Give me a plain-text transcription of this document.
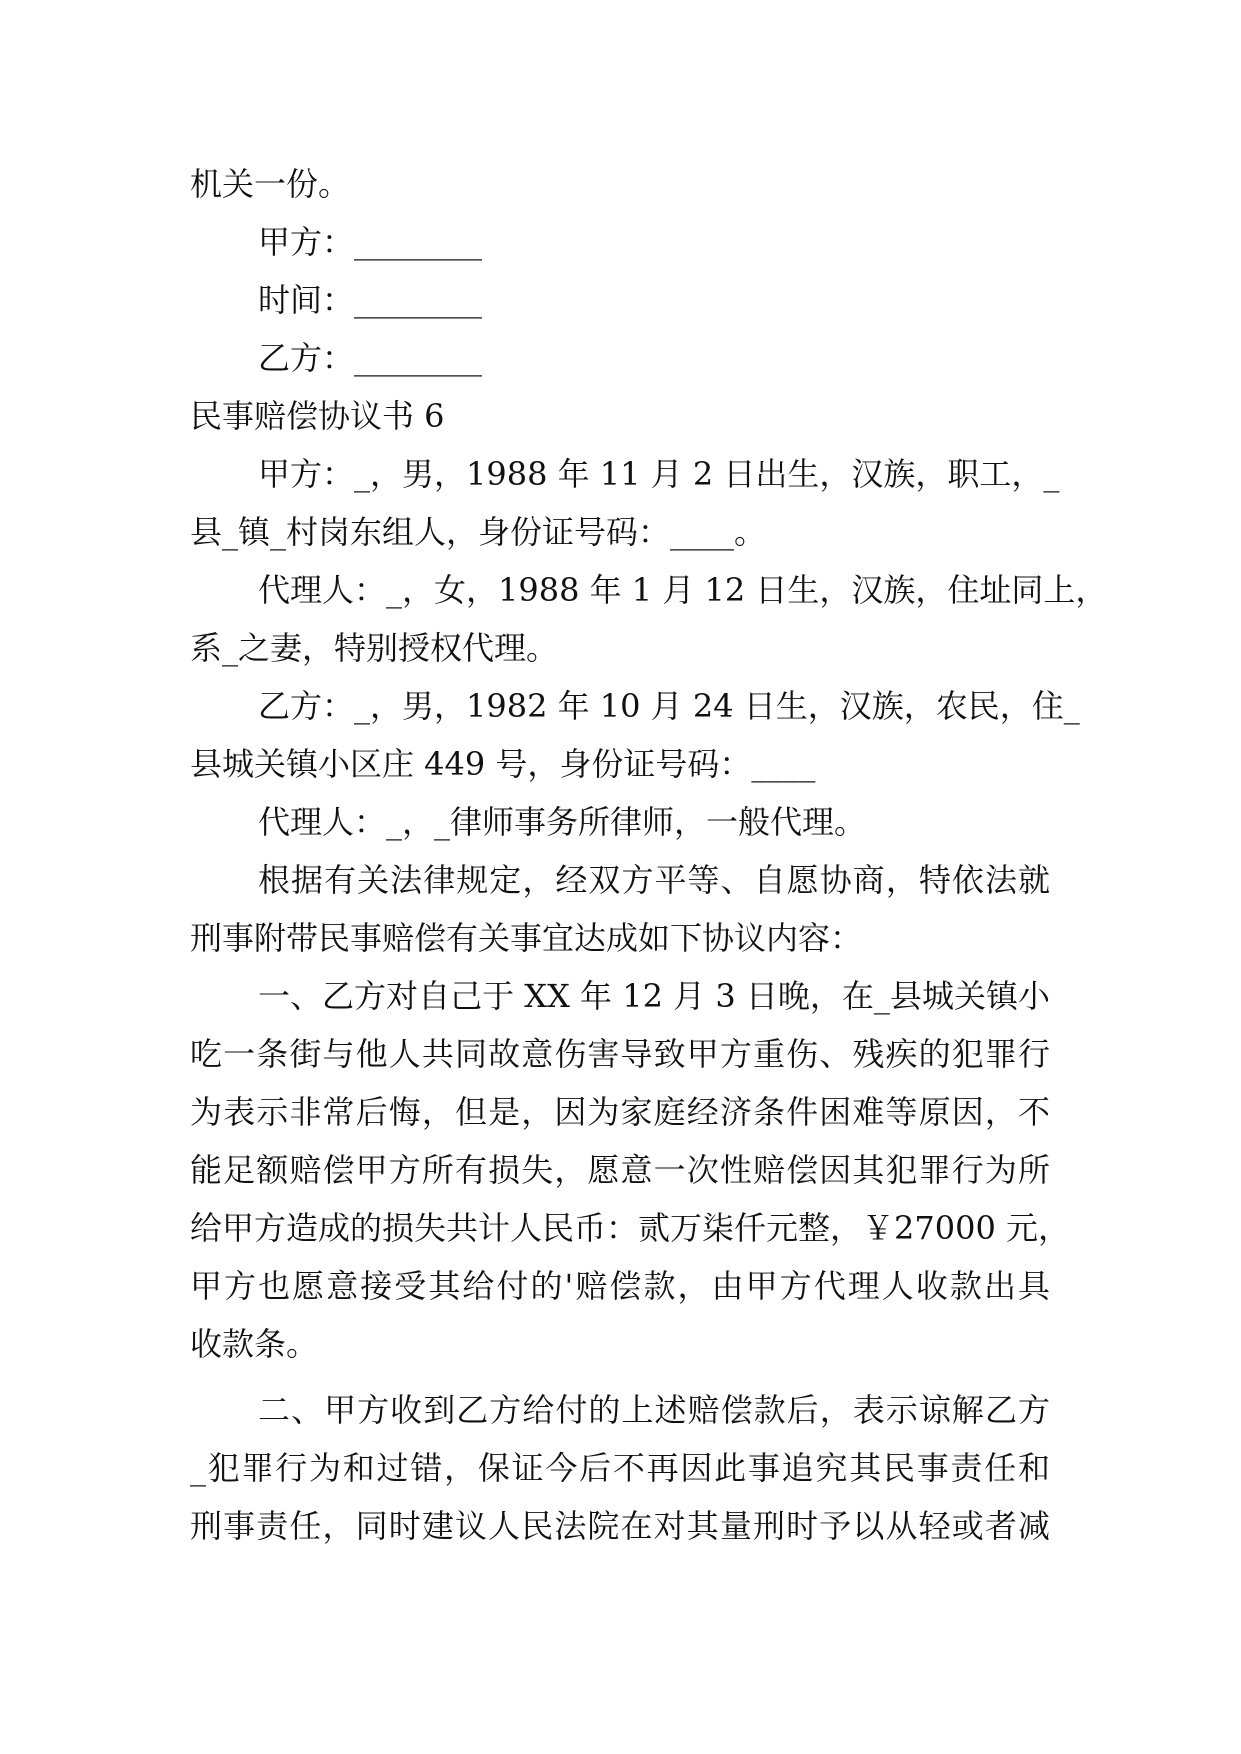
机关一份。
甲方：________
时间：________
乙方：________
民事赔偿协议书 6
甲方：_，男，1988 年 11 月 2 日出生，汉族，职工，_
县_镇_村岗东组人，身份证号码：____。
代理人：_，女，1988 年 1 月 12 日生，汉族，住址同上，
系_之妻，特别授权代理。
乙方：_，男，1982 年 10 月 24 日生，汉族，农民，住_
县城关镇小区庄 449 号，身份证号码：____
代理人：_，_律师事务所律师，一般代理。
根据有关法律规定，经双方平等、自愿协商，特依法就
刑事附带民事赔偿有关事宜达成如下协议内容：
一、乙方对自己于 XX 年 12 月 3 日晚，在_县城关镇小
吃一条街与他人共同故意伤害导致甲方重伤、残疾的犯罪行
为表示非常后悔，但是，因为家庭经济条件困难等原因，不
能足额赔偿甲方所有损失，愿意一次性赔偿因其犯罪行为所
给甲方造成的损失共计人民币：贰万柒仟元整，￥27000 元，
甲方也愿意接受其给付的'赔偿款，由甲方代理人收款出具
收款条。
二、甲方收到乙方给付的上述赔偿款后，表示谅解乙方
_犯罪行为和过错，保证今后不再因此事追究其民事责任和
刑事责任，同时建议人民法院在对其量刑时予以从轻或者减
